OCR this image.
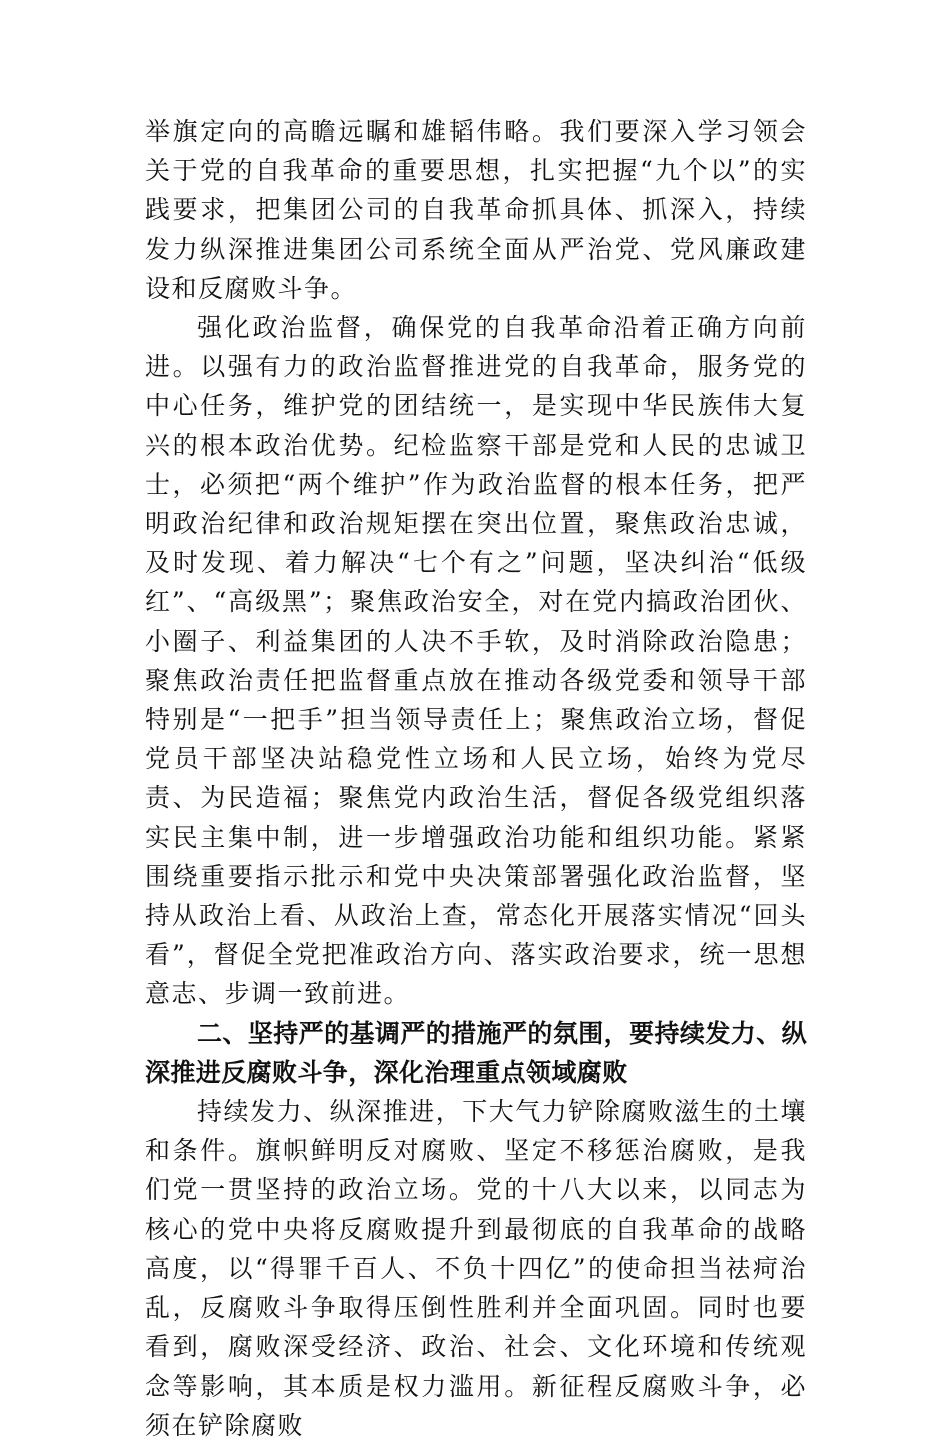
举旗定向的高瞻远瞩和雄韬伟略。我们要深入学习领会关于党的自我革命的重要思想，扎实把握“九个以”的实践要求，把集团公司的自我革命抓具体、抓深入，持续发力纵深推进集团公司系统全面从严治党、党风廉政建设和反腐败斗争。

强化政治监督，确保党的自我革命沿着正确方向前进。以强有力的政治监督推进党的自我革命，服务党的中心任务，维护党的团结统一，是实现中华民族伟大复兴的根本政治优势。纪检监察干部是党和人民的忠诚卫士，必须把“两个维护”作为政治监督的根本任务，把严明政治纪律和政治规矩摆在突出位置，聚焦政治忠诚，及时发现、着力解决“七个有之”问题，坚决纠治“低级红”、“高级黑”；聚焦政治安全，对在党内搞政治团伙、小圈子、利益集团的人决不手软，及时消除政治隐患；聚焦政治责任把监督重点放在推动各级党委和领导干部特别是“一把手”担当领导责任上；聚焦政治立场，督促党员干部坚决站稳党性立场和人民立场，始终为党尽责、为民造福；聚焦党内政治生活，督促各级党组织落实民主集中制，进一步增强政治功能和组织功能。紧紧围绕重要指示批示和党中央决策部署强化政治监督，坚持从政治上看、从政治上查，常态化开展落实情况“回头看”，督促全党把准政治方向、落实政治要求，统一思想意志、步调一致前进。

二、坚持严的基调严的措施严的氛围，要持续发力、纵深推进反腐败斗争，深化治理重点领域腐败

持续发力、纵深推进，下大气力铲除腐败滋生的土壤和条件。旗帜鲜明反对腐败、坚定不移惩治腐败，是我们党一贯坚持的政治立场。党的十八大以来，以同志为核心的党中央将反腐败提升到最彻底的自我革命的战略高度，以“得罪千百人、不负十四亿”的使命担当祛疴治乱，反腐败斗争取得压倒性胜利并全面巩固。同时也要看到，腐败深受经济、政治、社会、文化环境和传统观念等影响，其本质是权力滥用。新征程反腐败斗争，必须在铲除腐败
